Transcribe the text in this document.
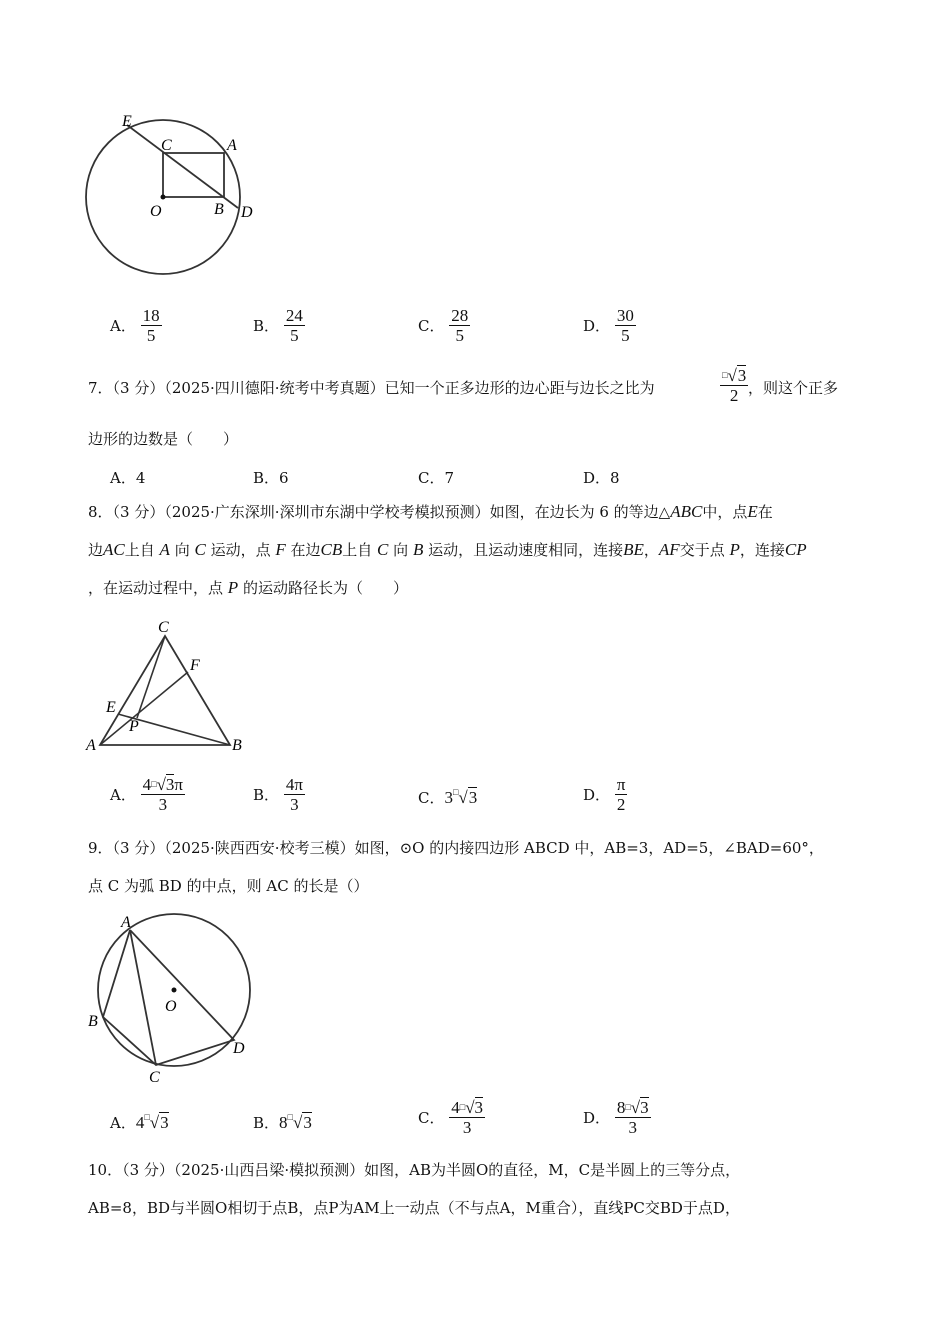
E
C	A
O	B D
A． $\frac{18}{5}$	B． $\frac{24}{5}$	C． $\frac{28}{5}$	D． $\frac{30}{5}$
7．（3 分）（2025·四川德阳·统考中考真题）已知一个正多边形的边心距与边长之比为	$\frac{^□√3}{2}$ ，则这个正多
边形的边数是（　　）
A．4	B．6	C．7	D．8
8．（3 分）（2025·广东深圳·深圳市东湖中学校考模拟预测）如图，在边长为 6 的等边△ABC中，点E在
边AC上自 A 向 C 运动，点 F 在边CB上自 C 向 B 运动，且运动速度相同，连接BE，AF交于点 P，连接CP
，在运动过程中，点 P 的运动路径长为（　　）
C
F
E
P
A	B
A． $\frac{4^□√3\pi}{3}$	B． $\frac{4\pi}{3}$	C．3□√3	D． $\frac{\pi}{2}$
9．（3 分）（2025·陕西西安·校考三模）如图，⊙O 的内接四边形 ABCD 中，AB=3，AD=5，∠BAD=60°，
点 C 为弧 BD 的中点，则 AC 的长是（）
A
O
B
C
D
A．4□√3	B．8□√3	C． $\frac{4^□√3}{3}$	D． $\frac{8^□√3}{3}$
10．（3 分）（2025·山西吕梁·模拟预测）如图，AB为半圆O的直径，M，C是半圆上的三等分点，
AB=8，BD与半圆O相切于点B，点P为AM上一动点（不与点A，M重合），直线PC交BD于点D，
